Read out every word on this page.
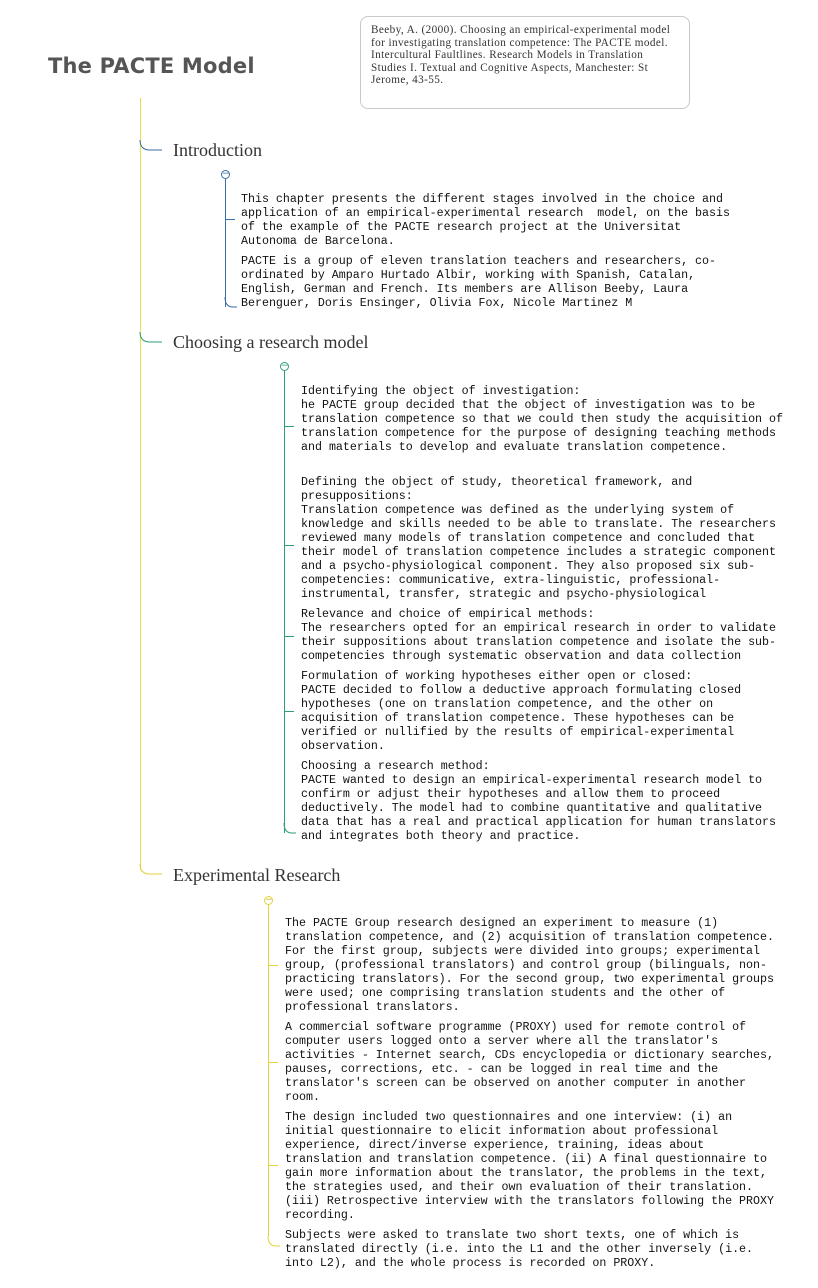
The PACTE Model
Beeby, A. (2000). Choosing an empirical-experimental model for investigating translation competence: The PACTE model. Intercultural Faultlines. Research Models in Translation Studies I. Textual and Cognitive Aspects, Manchester: St Jerome, 43-55.
Introduction
−

This chapter presents the different stages involved in the choice and
application of an empirical-experimental research  model, on the basis
of the example of the PACTE research project at the Universitat
Autonoma de Barcelona.

PACTE is a group of eleven translation teachers and researchers, co-
ordinated by Amparo Hurtado Albir, working with Spanish, Catalan,
English, German and French. Its members are Allison Beeby, Laura
Berenguer, Doris Ensinger, Olivia Fox, Nicole Martinez M

Choosing a research model
−

Identifying the object of investigation:
he PACTE group decided that the object of investigation was to be
translation competence so that we could then study the acquisition of
translation competence for the purpose of designing teaching methods
and materials to develop and evaluate translation competence.

Defining the object of study, theoretical framework, and
presuppositions:
Translation competence was defined as the underlying system of
knowledge and skills needed to be able to translate. The researchers
reviewed many models of translation competence and concluded that
their model of translation competence includes a strategic component
and a psycho-physiological component. They also proposed six sub-
competencies: communicative, extra-linguistic, professional-
instrumental, transfer, strategic and psycho-physiological

Relevance and choice of empirical methods:
The researchers opted for an empirical research in order to validate
their suppositions about translation competence and isolate the sub-
competencies through systematic observation and data collection

Formulation of working hypotheses either open or closed:
PACTE decided to follow a deductive approach formulating closed
hypotheses (one on translation competence, and the other on
acquisition of translation competence. These hypotheses can be
verified or nullified by the results of empirical-experimental
observation.

Choosing a research method:
PACTE wanted to design an empirical-experimental research model to
confirm or adjust their hypotheses and allow them to proceed
deductively. The model had to combine quantitative and qualitative
data that has a real and practical application for human translators
and integrates both theory and practice.

Experimental Research
−

The PACTE Group research designed an experiment to measure (1)
translation competence, and (2) acquisition of translation competence.
For the first group, subjects were divided into groups; experimental
group, (professional translators) and control group (bilinguals, non-
practicing translators). For the second group, two experimental groups
were used; one comprising translation students and the other of
professional translators.

A commercial software programme (PROXY) used for remote control of
computer users logged onto a server where all the translator's
activities - Internet search, CDs encyclopedia or dictionary searches,
pauses, corrections, etc. - can be logged in real time and the
translator's screen can be observed on another computer in another
room.

The design included two questionnaires and one interview: (i) an
initial questionnaire to elicit information about professional
experience, direct/inverse experience, training, ideas about
translation and translation competence. (ii) A final questionnaire to
gain more information about the translator, the problems in the text,
the strategies used, and their own evaluation of their translation.
(iii) Retrospective interview with the translators following the PROXY
recording.

Subjects were asked to translate two short texts, one of which is
translated directly (i.e. into the L1 and the other inversely (i.e.
into L2), and the whole process is recorded on PROXY.
